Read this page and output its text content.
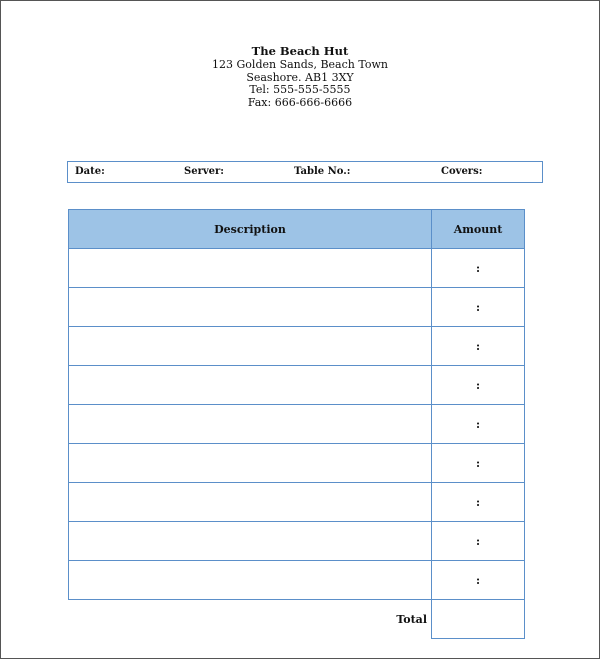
The Beach Hut
123 Golden Sands, Beach Town
Seashore. AB1 3XY
Tel: 555-555-5555
Fax: 666-666-6666
Date:	Server:	Table No.:	Covers:
Description	Amount
	:
	:
	:
	:
	:
	:
	:
	:
	:
Total	
